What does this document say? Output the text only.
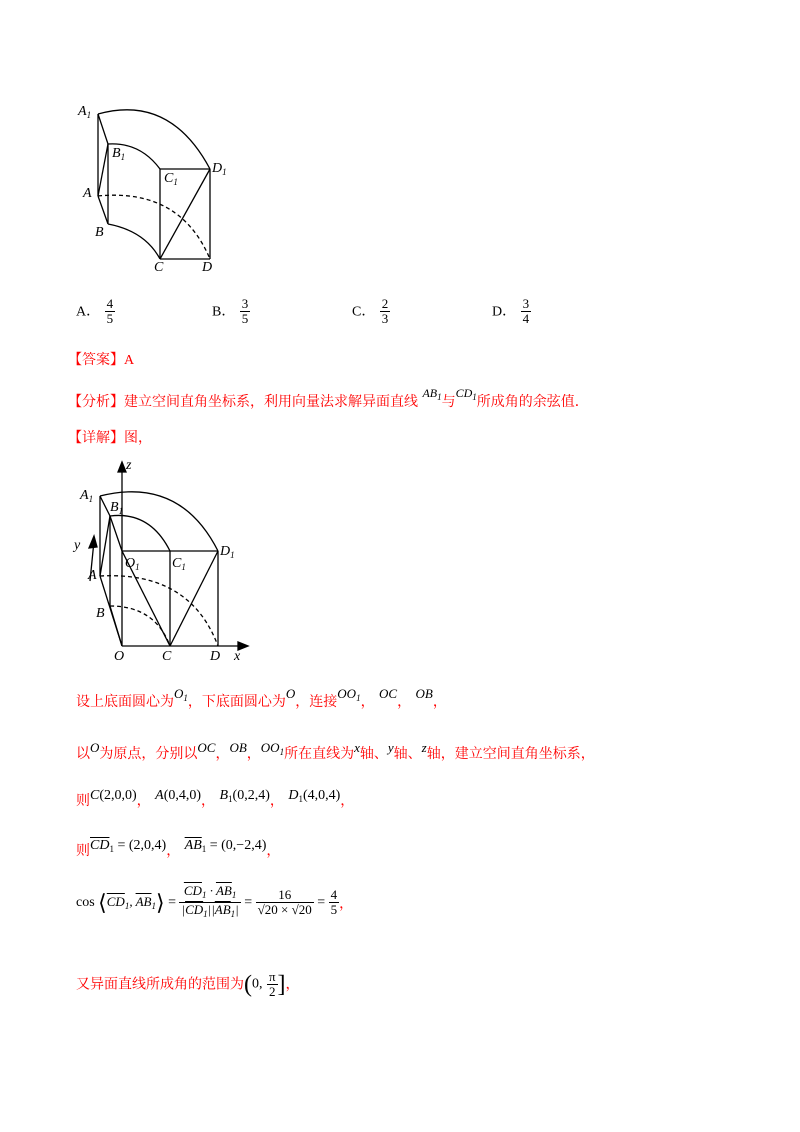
$A_1$
$B_1$
$D_1$
$C_1$
A
B
C	D
A． $\frac{4}{5}$	B． $\frac{3}{5}$	C． $\frac{2}{3}$	D． $\frac{3}{4}$
【答案】A
【分析】建立空间直角坐标系，利用向量法求解异面直线 $AB_1$与$CD_1$所成角的余弦值．
【详解】图，
z
y
x
$A_1$
$B_1$
$D_1$
$O_1$ $C_1$
A
B
O	C	D
设上底面圆心为$O_1$，下底面圆心为O，连接$OO_1$， OC， OB，
以O为原点，分别以OC，OB，$OO_1$所在直线为x轴、y轴、z轴，建立空间直角坐标系，
则C(2,0,0)， A(0,4,0)， $B_1(0,2,4)$， $D_1(4,0,4)$，
则$\overline{CD}_1 = (2,0,4)$， $\overline{AB}_1 = (0,-2,4)$，
$\cos ⟨\overline{CD}_1$, $\overline{AB}_1⟩ = \frac{\overline{CD}_1 \cdot \overline{AB}_1}{|\overline{CD}_1||\overline{AB}_1|} = \frac{16}{√20 \times √20} = \frac{4}{5}$ ，
又异面直线所成角的范围为(0, $\frac{\pi}{2}$ ]，
